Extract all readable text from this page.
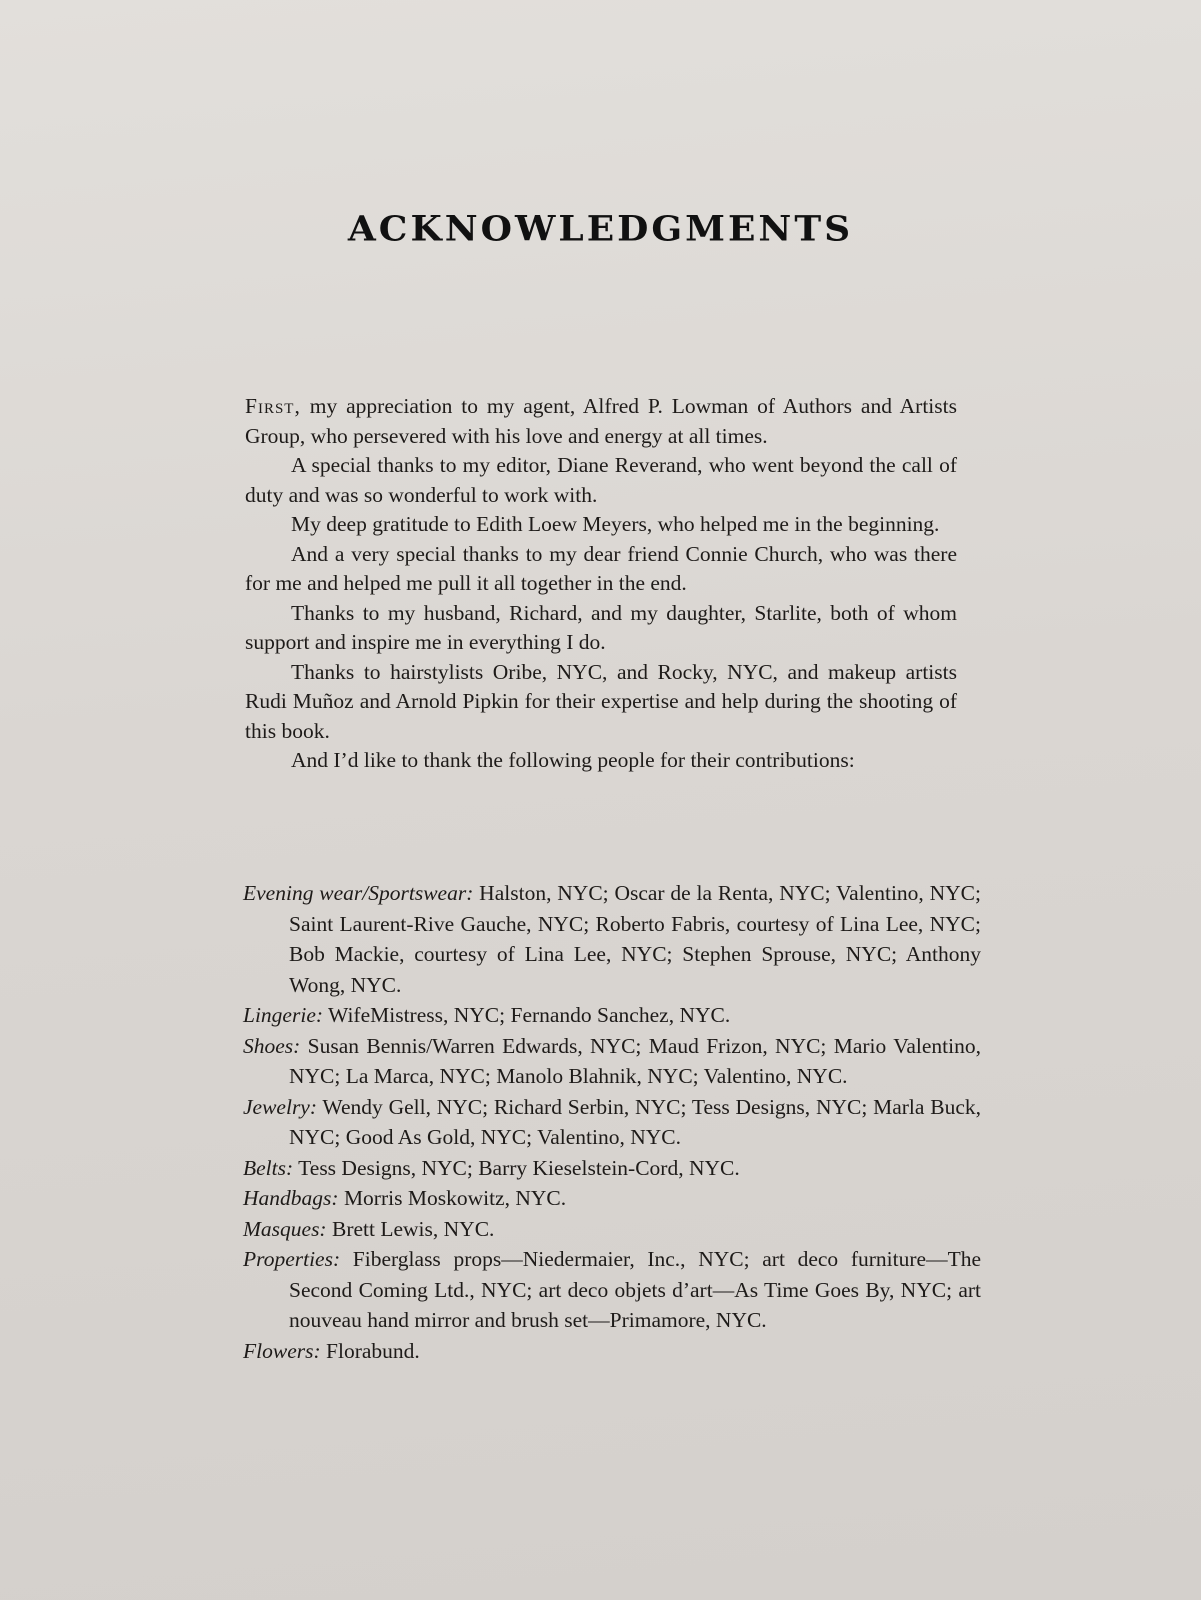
ACKNOWLEDGMENTS

First, my appreciation to my agent, Alfred P. Lowman of Authors and Artists Group, who persevered with his love and energy at all times.

A special thanks to my editor, Diane Reverand, who went beyond the call of duty and was so wonderful to work with.

My deep gratitude to Edith Loew Meyers, who helped me in the beginning.

And a very special thanks to my dear friend Connie Church, who was there for me and helped me pull it all together in the end.

Thanks to my husband, Richard, and my daughter, Starlite, both of whom support and inspire me in everything I do.

Thanks to hairstylists Oribe, NYC, and Rocky, NYC, and makeup artists Rudi Muñoz and Arnold Pipkin for their expertise and help during the shooting of this book.

And I’d like to thank the following people for their contributions:

Evening wear/Sportswear: Halston, NYC; Oscar de la Renta, NYC; Valentino, NYC; Saint Laurent-Rive Gauche, NYC; Roberto Fabris, courtesy of Lina Lee, NYC; Bob Mackie, courtesy of Lina Lee, NYC; Stephen Sprouse, NYC; Anthony Wong, NYC.

Lingerie: WifeMistress, NYC; Fernando Sanchez, NYC.

Shoes: Susan Bennis/Warren Edwards, NYC; Maud Frizon, NYC; Mario Valentino, NYC; La Marca, NYC; Manolo Blahnik, NYC; Valentino, NYC.

Jewelry: Wendy Gell, NYC; Richard Serbin, NYC; Tess Designs, NYC; Marla Buck, NYC; Good As Gold, NYC; Valentino, NYC.

Belts: Tess Designs, NYC; Barry Kieselstein-Cord, NYC.

Handbags: Morris Moskowitz, NYC.

Masques: Brett Lewis, NYC.

Properties: Fiberglass props—Niedermaier, Inc., NYC; art deco furniture—The Second Coming Ltd., NYC; art deco objets d’art—As Time Goes By, NYC; art nouveau hand mirror and brush set—Primamore, NYC.

Flowers: Florabund.
